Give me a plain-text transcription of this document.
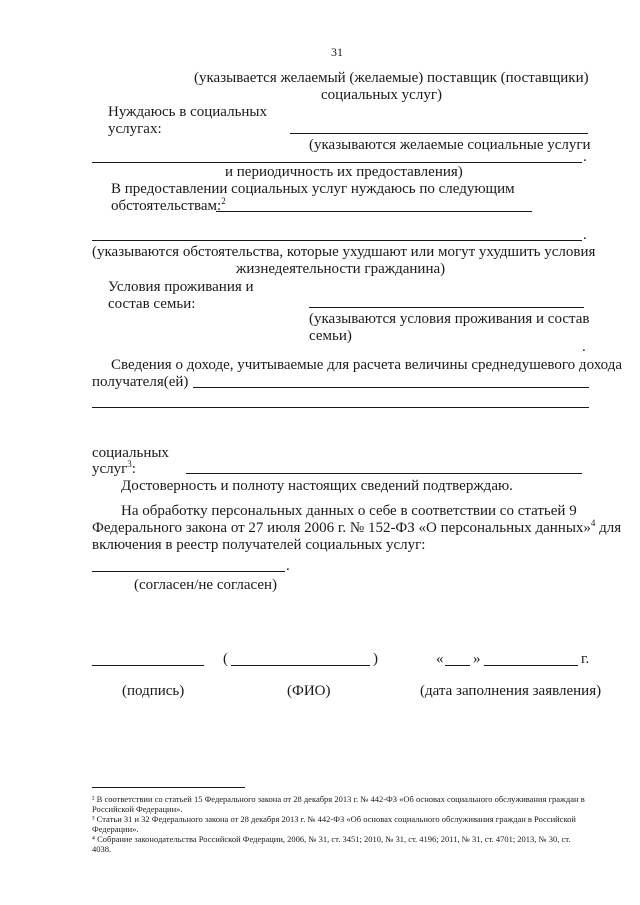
31
(указывается желаемый (желаемые) поставщик (поставщики)
социальных услуг)
Нуждаюсь в социальных
услугах:
(указываются желаемые социальные услуги
.
и периодичность их предоставления)
В предоставлении социальных услуг нуждаюсь по следующим
обстоятельствам:$^2$
.
(указываются обстоятельства, которые ухудшают или могут ухудшить условия
жизнедеятельности гражданина)
Условия проживания и
состав семьи:
(указываются условия проживания и состав
семьи)
.
Сведения о доходе, учитываемые для расчета величины среднедушевого дохода
получателя(ей)
социальных
услуг$^3$:
Достоверность и полноту настоящих сведений подтверждаю.
На обработку персональных данных о себе в соответствии со статьей 9
Федерального закона от 27 июля 2006 г. № 152-ФЗ «О персональных данных»$^4$ для
включения в реестр получателей социальных услуг:
.
(согласен/не согласен)
(	)	« »	г.
(подпись)	(ФИО)	(дата заполнения заявления)
² В соответствии со статьей 15 Федерального закона от 28 декабря 2013 г. № 442-ФЗ «Об основах социального обслуживания граждан в
Российской Федерации».
³ Статьи 31 и 32 Федерального закона от 28 декабря 2013 г. № 442-ФЗ «Об основах социального обслуживания граждан в Российской
Федерации».
⁴ Собрание законодательства Российской Федерации, 2006, № 31, ст. 3451; 2010, № 31, ст. 4196; 2011, № 31, ст. 4701; 2013, № 30, ст.
4038.
